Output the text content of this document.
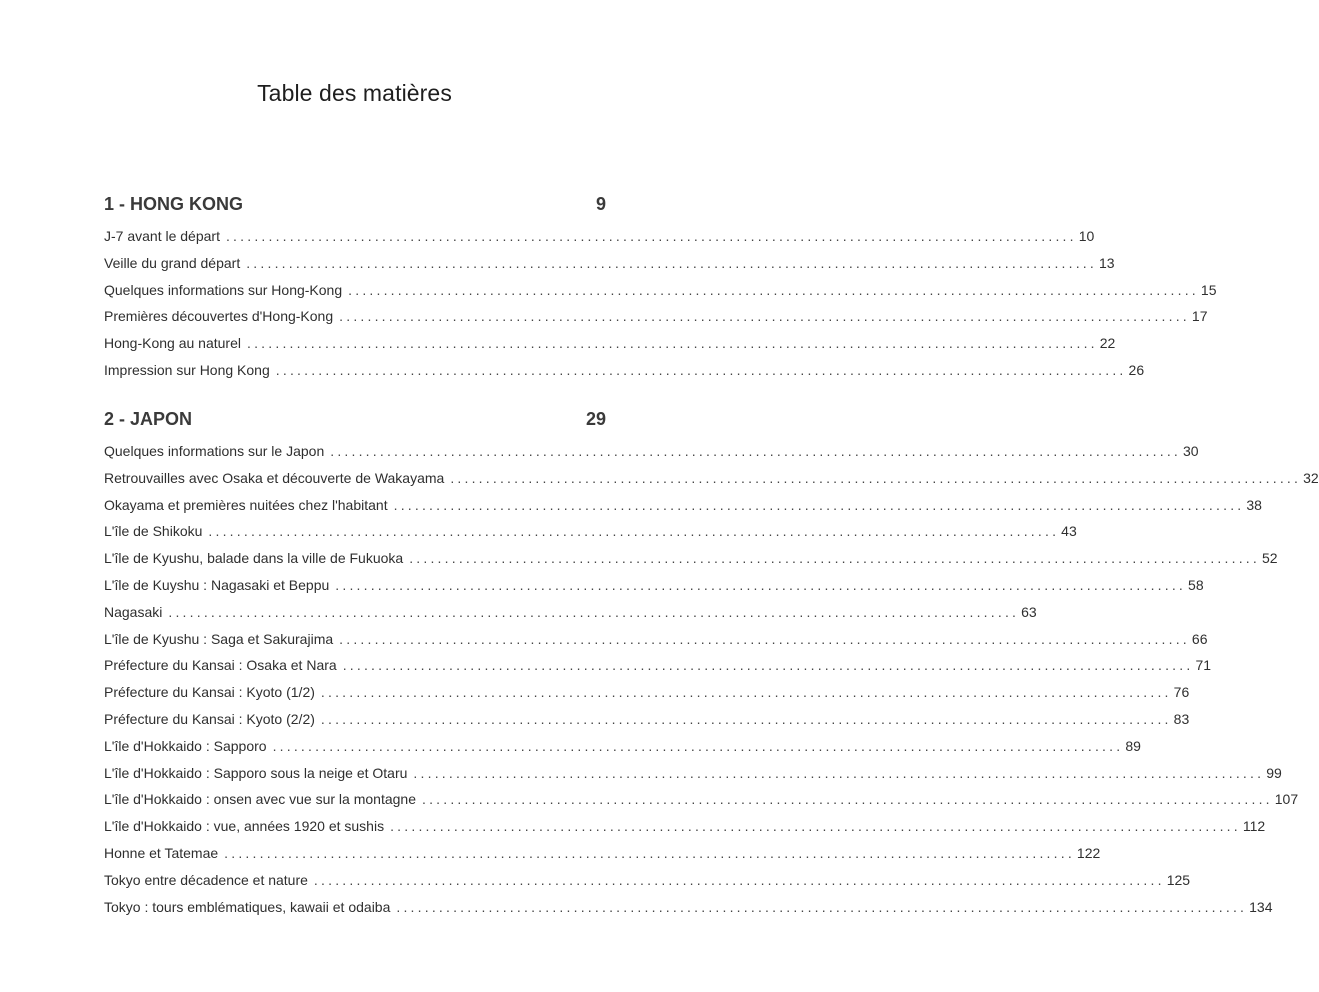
Table des matières
1 - HONG KONG	9
J-7 avant le départ ........................................................................................................................ 10
Veille du grand départ ........................................................................................................................ 13
Quelques informations sur Hong-Kong ........................................................................................................................ 15
Premières découvertes d'Hong-Kong ........................................................................................................................ 17
Hong-Kong au naturel ........................................................................................................................ 22
Impression sur Hong Kong ........................................................................................................................ 26
2 - JAPON	29
Quelques informations sur le Japon ........................................................................................................................ 30
Retrouvailles avec Osaka et découverte de Wakayama ........................................................................................................................ 32
Okayama et premières nuitées chez l'habitant ........................................................................................................................ 38
L'île de Shikoku ........................................................................................................................ 43
L'île de Kyushu, balade dans la ville de Fukuoka ........................................................................................................................ 52
L'île de Kuyshu : Nagasaki et Beppu ........................................................................................................................ 58
Nagasaki ........................................................................................................................ 63
L'île de Kyushu : Saga et Sakurajima ........................................................................................................................ 66
Préfecture du Kansai : Osaka et Nara ........................................................................................................................ 71
Préfecture du Kansai : Kyoto (1/2) ........................................................................................................................ 76
Préfecture du Kansai : Kyoto (2/2) ........................................................................................................................ 83
L'île d'Hokkaido : Sapporo ........................................................................................................................ 89
L'île d'Hokkaido : Sapporo sous la neige et Otaru ........................................................................................................................ 99
L'île d'Hokkaido : onsen avec vue sur la montagne ........................................................................................................................ 107
L'île d'Hokkaido : vue, années 1920 et sushis ........................................................................................................................ 112
Honne et Tatemae ........................................................................................................................ 122
Tokyo entre décadence et nature ........................................................................................................................ 125
Tokyo : tours emblématiques, kawaii et odaiba ........................................................................................................................ 134
